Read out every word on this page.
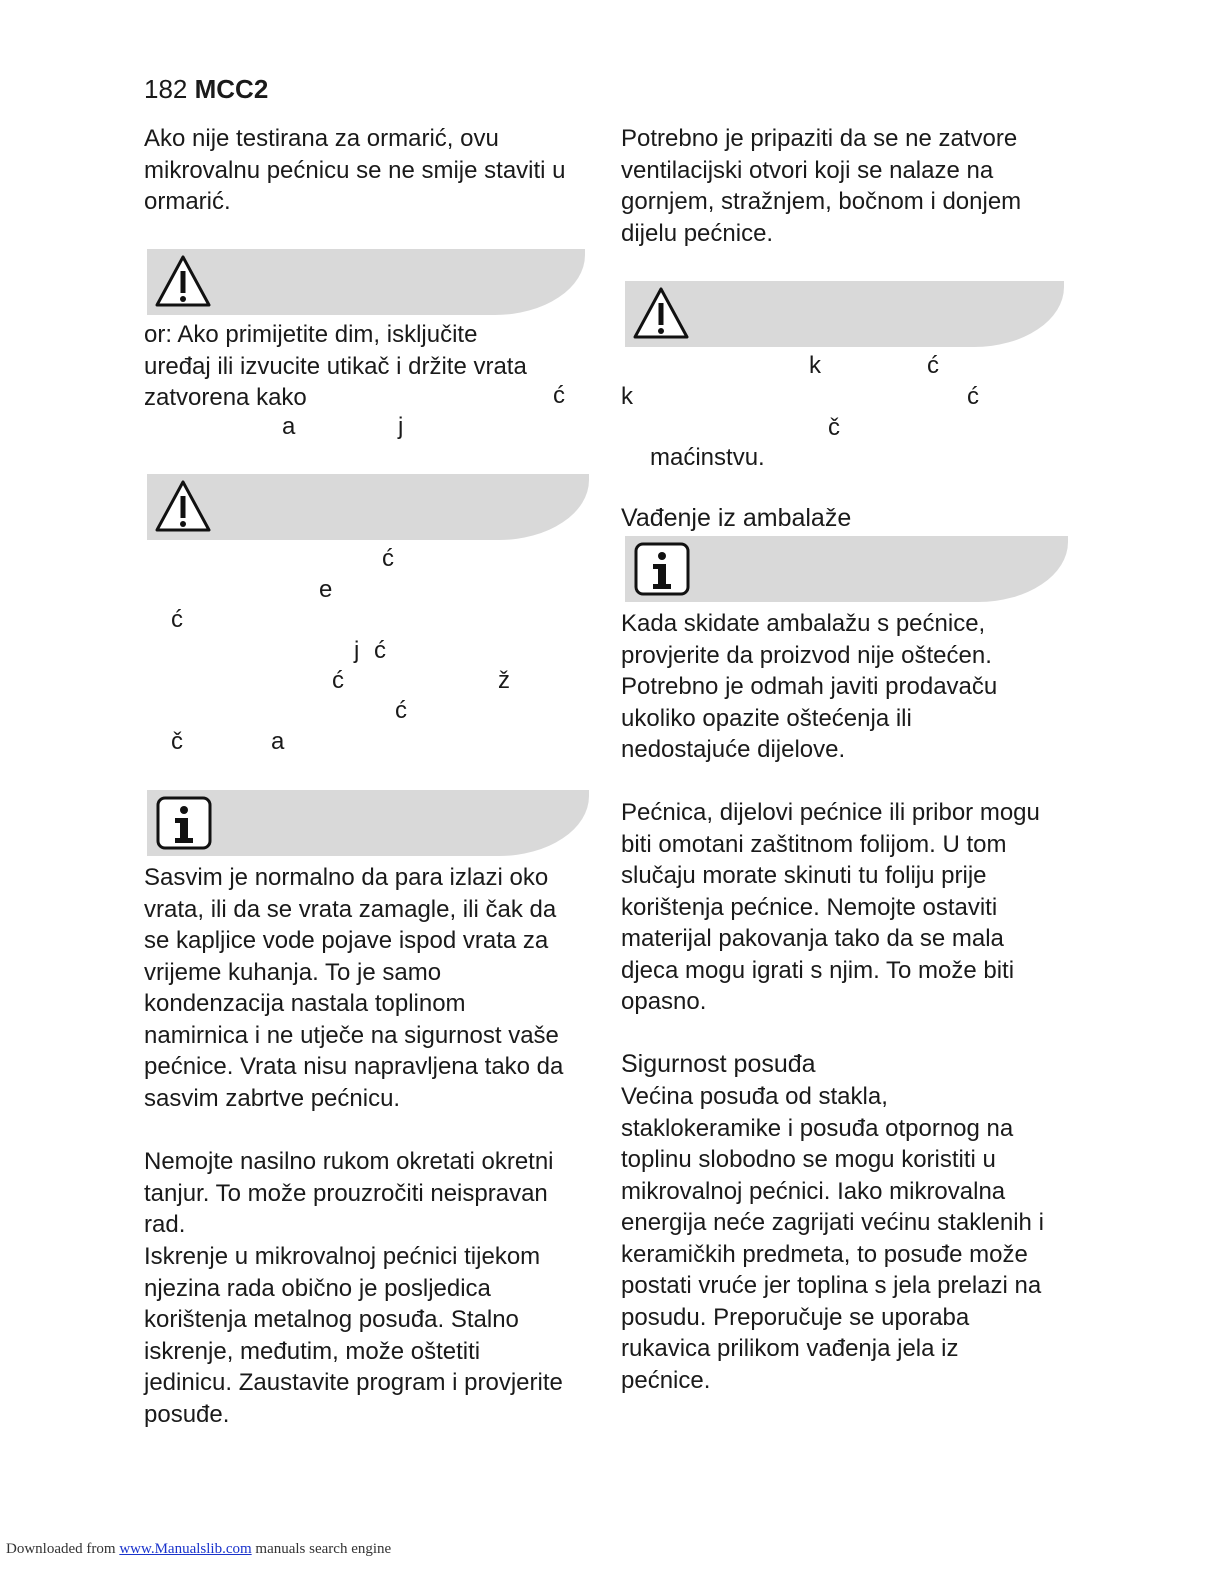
182 MCC2

Ako nije testirana za ormarić, ovu
mikrovalnu pećnicu se ne smije staviti u
ormarić.

or: Ako primijetite dim, isključite
uređaj ili izvucite utikač i držite vrata
zatvorena kako	ć
a	j
ć
e
ć
j ć
ć	ž
ć
č	a

Sasvim je normalno da para izlazi oko
vrata, ili da se vrata zamagle, ili čak da
se kapljice vode pojave ispod vrata za
vrijeme kuhanja. To je samo
kondenzacija nastala toplinom
namirnica i ne utječe na sigurnost vaše
pećnice. Vrata nisu napravljena tako da
sasvim zabrtve pećnicu.

Nemojte nasilno rukom okretati okretni
tanjur. To može prouzročiti neispravan
rad.

Iskrenje u mikrovalnoj pećnici tijekom
njezina rada obično je posljedica
korištenja metalnog posuđa. Stalno
iskrenje, međutim, može oštetiti
jedinicu. Zaustavite program i provjerite
posuđe.

Potrebno je pripaziti da se ne zatvore
ventilacijski otvori koji se nalaze na
gornjem, stražnjem, bočnom i donjem
dijelu pećnice.

k	ć
k	ć
č
maćinstvu.
Vađenje iz ambalaže

Kada skidate ambalažu s pećnice,
provjerite da proizvod nije oštećen.
Potrebno je odmah javiti prodavaču
ukoliko opazite oštećenja ili
nedostajuće dijelove.

Pećnica, dijelovi pećnice ili pribor mogu
biti omotani zaštitnom folijom. U tom
slučaju morate skinuti tu foliju prije
korištenja pećnice. Nemojte ostaviti
materijal pakovanja tako da se mala
djeca mogu igrati s njim. To može biti
opasno.

Sigurnost posuđa

Većina posuđa od stakla,
staklokeramike i posuđa otpornog na
toplinu slobodno se mogu koristiti u
mikrovalnoj pećnici. Iako mikrovalna
energija neće zagrijati većinu staklenih i
keramičkih predmeta, to posuđe može
postati vruće jer toplina s jela prelazi na
posudu. Preporučuje se uporaba
rukavica prilikom vađenja jela iz
pećnice.

Downloaded from www.Manualslib.com manuals search engine
